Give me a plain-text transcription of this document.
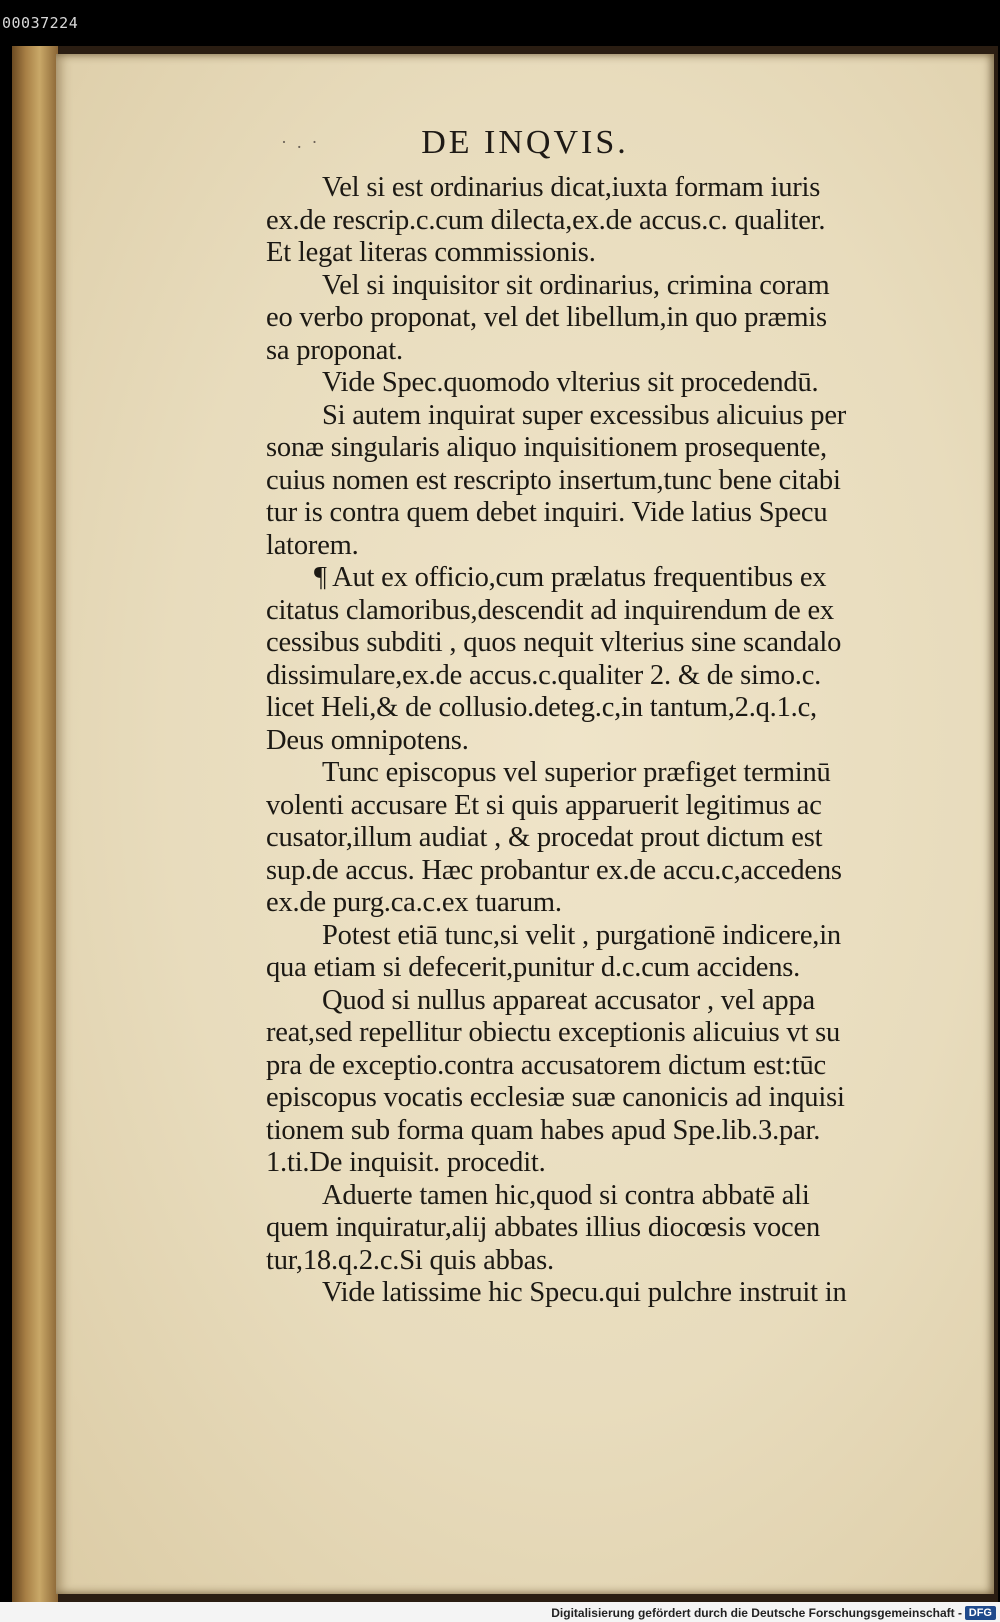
00037224
·.·	DE INQVIS.
Vel si est ordinarius dicat,iuxta formam iuris
ex.de rescrip.c.cum dilecta,ex.de accus.c. qualiter.
Et legat literas commissionis.
Vel si inquisitor sit ordinarius, crimina coram
eo verbo proponat, vel det libellum,in quo præmis
sa proponat.
Vide Spec.quomodo vlterius sit procedendū.
Si autem inquirat super excessibus alicuius per
sonæ singularis aliquo inquisitionem prosequente,
cuius nomen est rescripto insertum,tunc bene citabi
tur is contra quem debet inquiri. Vide latius Specu
latorem.
¶ Aut ex officio,cum prælatus frequentibus ex
citatus clamoribus,descendit ad inquirendum de ex
cessibus subditi , quos nequit vlterius sine scandalo
dissimulare,ex.de accus.c.qualiter 2. & de simo.c.
licet Heli,& de collusio.deteg.c,in tantum,2.q.1.c,
Deus omnipotens.
Tunc episcopus vel superior præfiget terminū
volenti accusare Et si quis apparuerit legitimus ac
cusator,illum audiat , & procedat prout dictum est
sup.de accus. Hæc probantur ex.de accu.c,accedens
ex.de purg.ca.c.ex tuarum.
Potest etiā tunc,si velit , purgationē indicere,in
qua etiam si defecerit,punitur d.c.cum accidens.
Quod si nullus appareat accusator , vel appa
reat,sed repellitur obiectu exceptionis alicuius vt su
pra de exceptio.contra accusatorem dictum est:tūc
episcopus vocatis ecclesiæ suæ canonicis ad inquisi
tionem sub forma quam habes apud Spe.lib.3.par.
1.ti.De inquisit. procedit.
Aduerte tamen hic,quod si contra abbatē ali
quem inquiratur,alij abbates illius diocœsis vocen
tur,18.q.2.c.Si quis abbas.
Vide latissime hic Specu.qui pulchre instruit in
Digitalisierung gefördert durch die Deutsche Forschungsgemeinschaft - DFG
